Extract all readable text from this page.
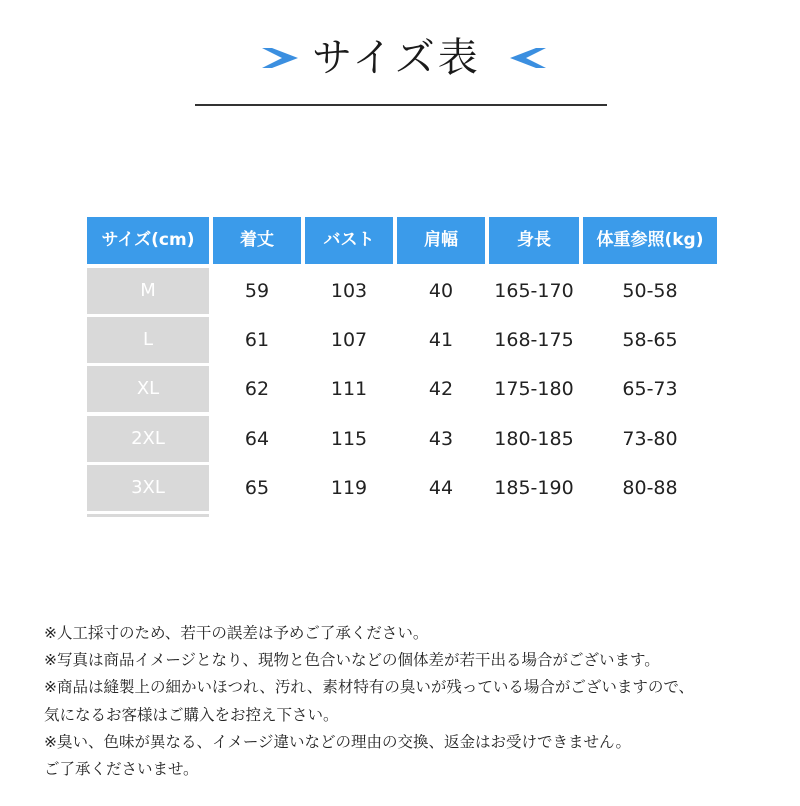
サイズ表
サイズ(cm)	着丈	バスト	肩幅	身長	体重参照(kg)
M	59	103	40	165-170	50-58
L	61	107	41	168-175	58-65
XL	62	111	42	175-180	65-73
2XL	64	115	43	180-185	73-80
3XL	65	119	44	185-190	80-88
※人工採寸のため、若干の誤差は予めご了承ください。
※写真は商品イメージとなり、現物と色合いなどの個体差が若干出る場合がございます。
※商品は縫製上の細かいほつれ、汚れ、素材特有の臭いが残っている場合がございますので、
気になるお客様はご購入をお控え下さい。
※臭い、色味が異なる、イメージ違いなどの理由の交換、返金はお受けできません。
ご了承くださいませ。
